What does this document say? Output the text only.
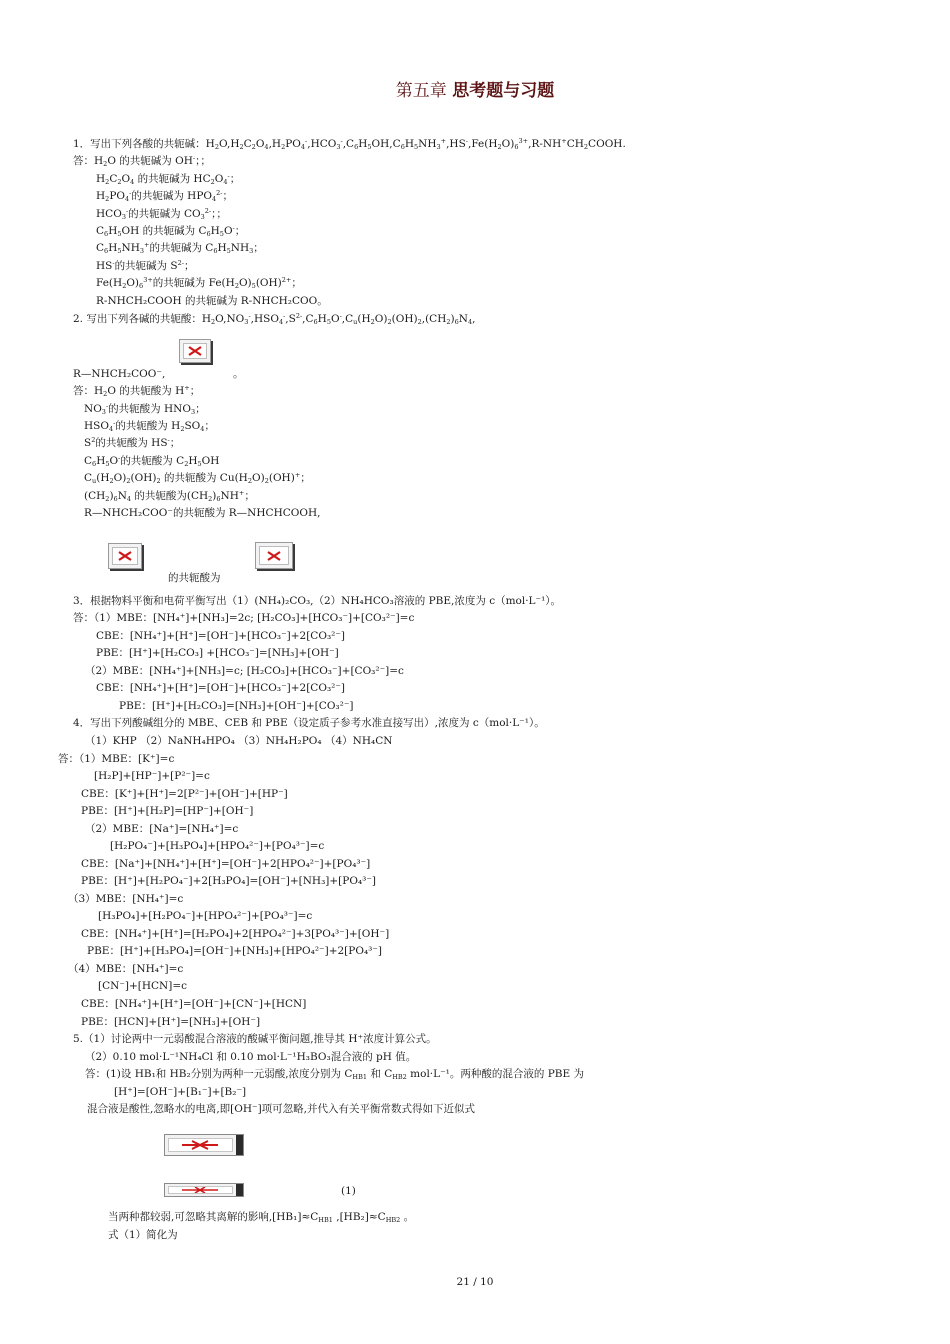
第五章 思考题与习题
1．写出下列各酸的共轭碱：$H_2O,H_2C_2O_4,H_2PO_4^-,HCO_3^-,C_6H_5OH,C_6H_5NH_3^+,HS^-,Fe(H_2O)_6^{3+},R-NH^+CH_2COOH$.
答：$H_2O$ 的共轭碱为 OH-；；
$H_2C_2O_4$ 的共轭碱为 $HC_2O_4^-$；
$H_2PO_4^-$的共轭碱为 $HPO_4^{2-}$；
$HCO_3^-$的共轭碱为 $CO_3^{2-}$；；
$C_6H_5OH$ 的共轭碱为 $C_6H_5O^-$；
$C_6H_5NH_3^+$的共轭碱为 $C_6H_5NH_3$；
HS-的共轭碱为 $S^{2-}$；
$Fe(H_2O)_6^{3+}$的共轭碱为 $Fe(H_2O)_5(OH)^{2+}$；
R-NHCH₂COOH 的共轭碱为 R-NHCH₂COO。
2. 写出下列各碱的共轭酸：$H_2O,NO_3^-,HSO_4^-,S^{2-},C_6H_5O^-,C_u(H_2O)_2(OH)_2,(CH_2)_6N_4$,
R—NHCH₂COO⁻,	。
答：$H_2O$ 的共轭酸为 H+；
$NO_3^-$的共轭酸为 $HNO_3$；
$HSO_4^-$的共轭酸为 $H_2SO_4$；
$S^2$的共轭酸为 HS-；
$C_6H_5O^-$的共轭酸为 $C_2H_5OH$
$C_u(H_2O)_2(OH)_2$ 的共轭酸为 $Cu(H_2O)_2(OH)^+$；
$(CH_2)_6N_4$ 的共轭酸为$(CH_2)_6NH^+$；
R—NHCH₂COO⁻的共轭酸为 R—NHCHCOOH,
的共轭酸为
3．根据物料平衡和电荷平衡写出（1）(NH₄)₂CO₃,（2）NH₄HCO₃溶液的 PBE,浓度为 c（mol·L⁻¹）。
答：（1）MBE：[NH₄⁺]+[NH₃]=2c; [H₂CO₃]+[HCO₃⁻]+[CO₃²⁻]=c
CBE：[NH₄⁺]+[H⁺]=[OH⁻]+[HCO₃⁻]+2[CO₃²⁻]
PBE：[H⁺]+[H₂CO₃] +[HCO₃⁻]=[NH₃]+[OH⁻]
（2）MBE：[NH₄⁺]+[NH₃]=c; [H₂CO₃]+[HCO₃⁻]+[CO₃²⁻]=c
CBE：[NH₄⁺]+[H⁺]=[OH⁻]+[HCO₃⁻]+2[CO₃²⁻]
PBE：[H⁺]+[H₂CO₃]=[NH₃]+[OH⁻]+[CO₃²⁻]
4．写出下列酸碱组分的 MBE、CEB 和 PBE（设定质子参考水准直接写出）,浓度为 c（mol·L⁻¹）。
（1）KHP （2）NaNH₄HPO₄ （3）NH₄H₂PO₄ （4）NH₄CN
答：（1）MBE：[K⁺]=c
[H₂P]+[HP⁻]+[P²⁻]=c
CBE：[K⁺]+[H⁺]=2[P²⁻]+[OH⁻]+[HP⁻]
PBE：[H⁺]+[H₂P]=[HP⁻]+[OH⁻]
（2）MBE：[Na⁺]=[NH₄⁺]=c
[H₂PO₄⁻]+[H₃PO₄]+[HPO₄²⁻]+[PO₄³⁻]=c
CBE：[Na⁺]+[NH₄⁺]+[H⁺]=[OH⁻]+2[HPO₄²⁻]+[PO₄³⁻]
PBE：[H⁺]+[H₂PO₄⁻]+2[H₃PO₄]=[OH⁻]+[NH₃]+[PO₄³⁻]
（3）MBE：[NH₄⁺]=c
[H₃PO₄]+[H₂PO₄⁻]+[HPO₄²⁻]+[PO₄³⁻]=c
CBE：[NH₄⁺]+[H⁺]=[H₂PO₄]+2[HPO₄²⁻]+3[PO₄³⁻]+[OH⁻]
PBE：[H⁺]+[H₃PO₄]=[OH⁻]+[NH₃]+[HPO₄²⁻]+2[PO₄³⁻]
（4）MBE：[NH₄⁺]=c
[CN⁻]+[HCN]=c
CBE：[NH₄⁺]+[H⁺]=[OH⁻]+[CN⁻]+[HCN]
PBE：[HCN]+[H⁺]=[NH₃]+[OH⁻]
5.（1）讨论两中一元弱酸混合溶液的酸碱平衡问题,推导其 H⁺浓度计算公式。
（2）0.10 mol·L⁻¹NH₄Cl 和 0.10 mol·L⁻¹H₃BO₃混合液的 pH 值。
答：(1)设 HB₁和 HB₂分别为两种一元弱酸,浓度分别为 $C_{HB1}$ 和 $C_{HB2}$ mol·L⁻¹。两种酸的混合液的 PBE 为
[H⁺]=[OH⁻]+[B₁⁻]+[B₂⁻]
混合液是酸性,忽略水的电离,即[OH⁻]项可忽略,并代入有关平衡常数式得如下近似式
(1)
当两种都较弱,可忽略其离解的影响$,[HB_1]\approx C_{HB1}$ $,[HB_2]\approx C_{HB2}$ 。
式（1）简化为
21 / 10
